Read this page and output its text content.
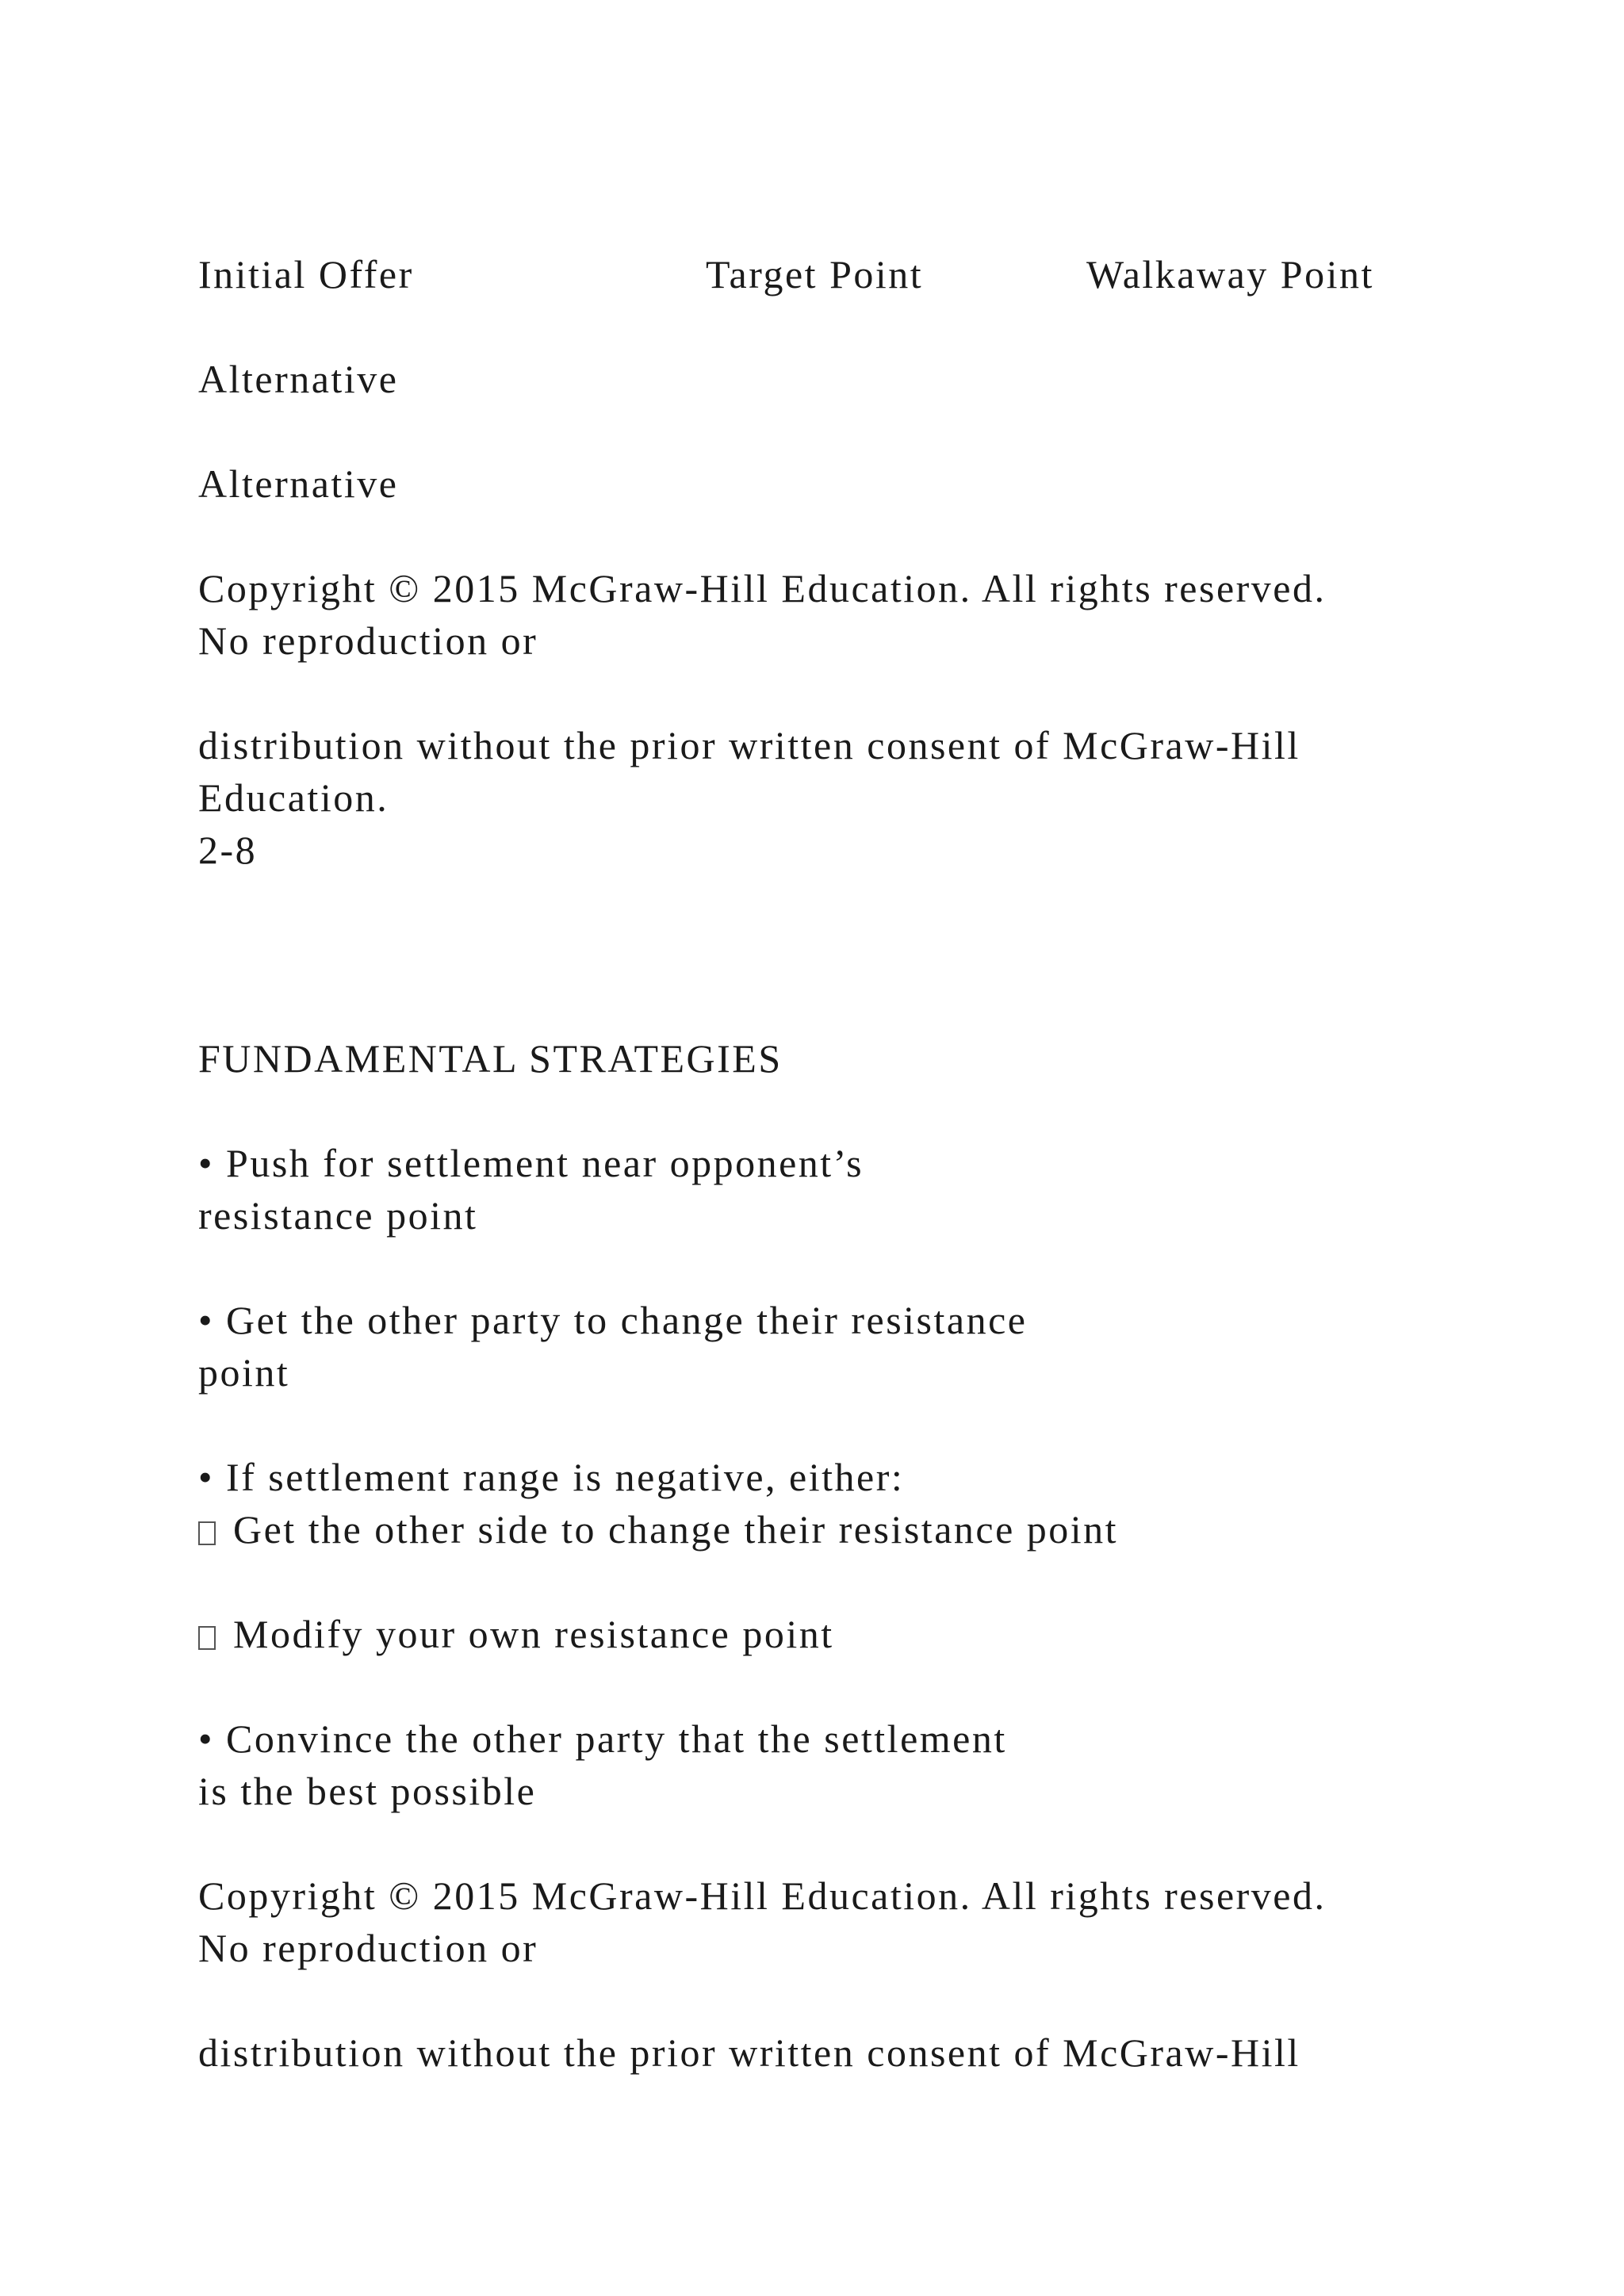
Initial Offer	Target Point	Walkaway Point
Alternative
Alternative
Copyright © 2015 McGraw-Hill Education. All rights reserved.
No reproduction or
distribution without the prior written consent of McGraw-Hill
Education.
2-8
FUNDAMENTAL STRATEGIES
• Push for settlement near opponent’s
resistance point
• Get the other party to change their resistance
point
• If settlement range is negative, either:
Get the other side to change their resistance point
Modify your own resistance point
• Convince the other party that the settlement
is the best possible
Copyright © 2015 McGraw-Hill Education. All rights reserved.
No reproduction or
distribution without the prior written consent of McGraw-Hill
